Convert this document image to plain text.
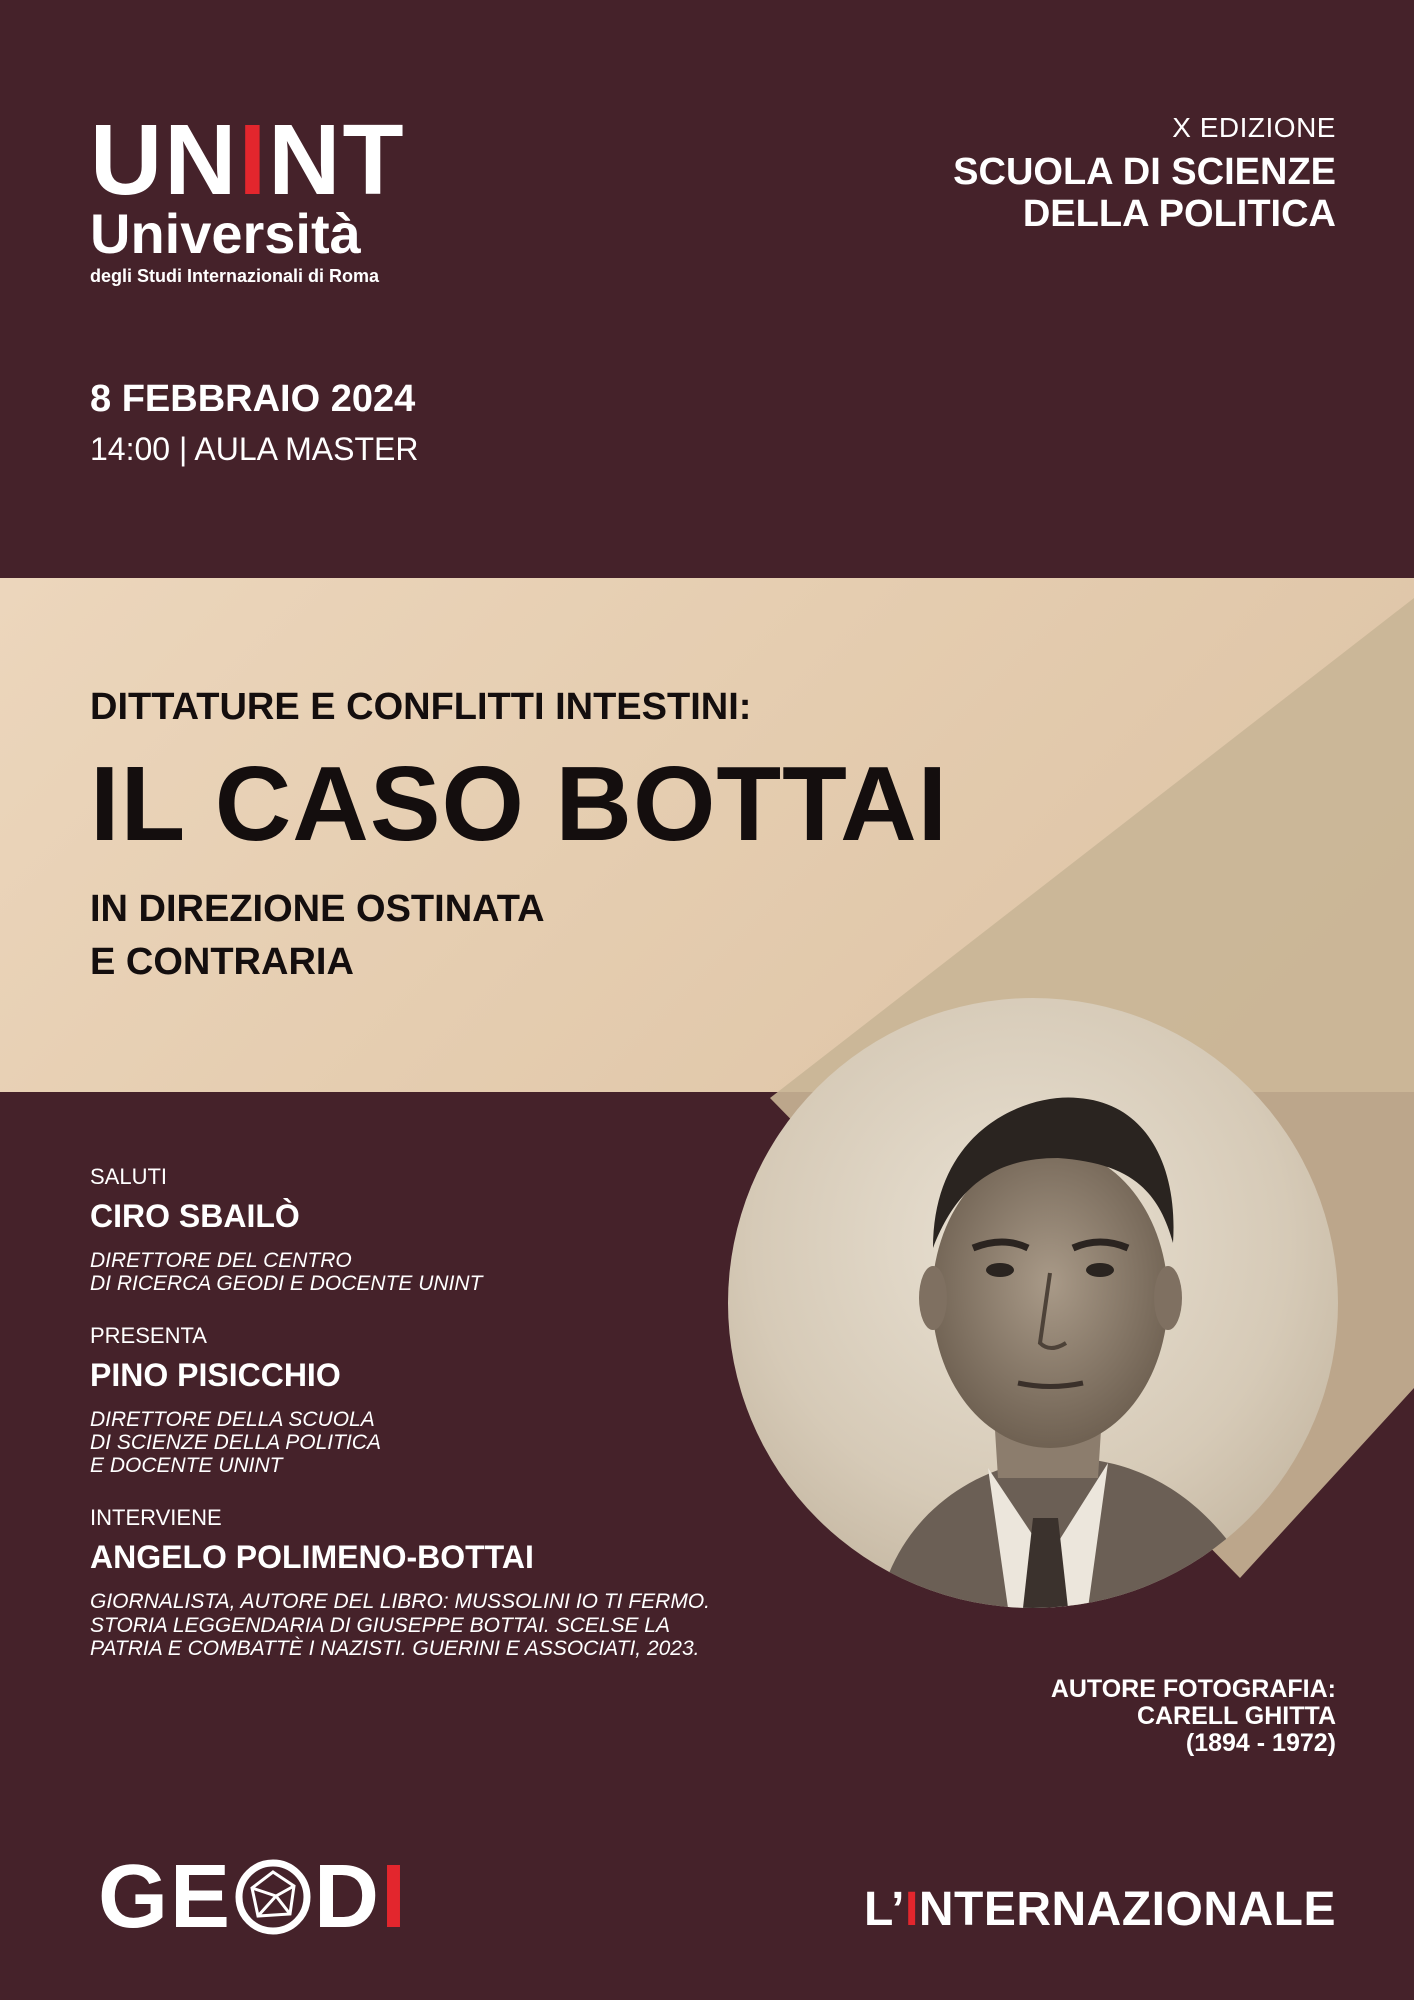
UNINT
Università
degli Studi Internazionali di Roma
X EDIZIONE
SCUOLA DI SCIENZE
DELLA POLITICA
8 FEBBRAIO 2024
14:00 | AULA MASTER
DITTATURE E CONFLITTI INTESTINI:
IL CASO BOTTAI
IN DIREZIONE OSTINATA
E CONTRARIA
SALUTI
CIRO SBAILÒ
DIRETTORE DEL CENTRO
DI RICERCA GEODI E DOCENTE UNINT
PRESENTA
PINO PISICCHIO
DIRETTORE DELLA SCUOLA
DI SCIENZE DELLA POLITICA
E DOCENTE UNINT
INTERVIENE
ANGELO POLIMENO-BOTTAI
GIORNALISTA, AUTORE DEL LIBRO: MUSSOLINI IO TI FERMO.
STORIA LEGGENDARIA DI GIUSEPPE BOTTAI. SCELSE LA
PATRIA E COMBATTÈ I NAZISTI. GUERINI E ASSOCIATI, 2023.
AUTORE FOTOGRAFIA:
CARELL GHITTA
(1894 - 1972)
GE D I	L’INTERNAZIONALE
